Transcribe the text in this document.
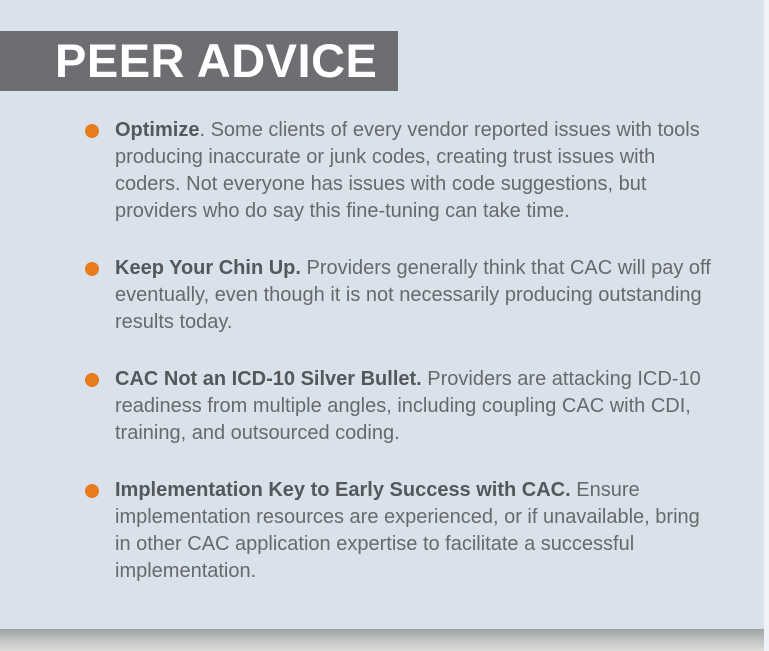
PEER ADVICE

Optimize. Some clients of every vendor reported issues with tools producing inaccurate or junk codes, creating trust issues with coders. Not everyone has issues with code suggestions, but providers who do say this fine-tuning can take time.

Keep Your Chin Up. Providers generally think that CAC will pay off eventually, even though it is not necessarily producing outstanding results today.

CAC Not an ICD-10 Silver Bullet. Providers are attacking ICD-10 readiness from multiple angles, including coupling CAC with CDI, training, and outsourced coding.

Implementation Key to Early Success with CAC. Ensure implementation resources are experienced, or if unavailable, bring in other CAC application expertise to facilitate a successful implementation.
